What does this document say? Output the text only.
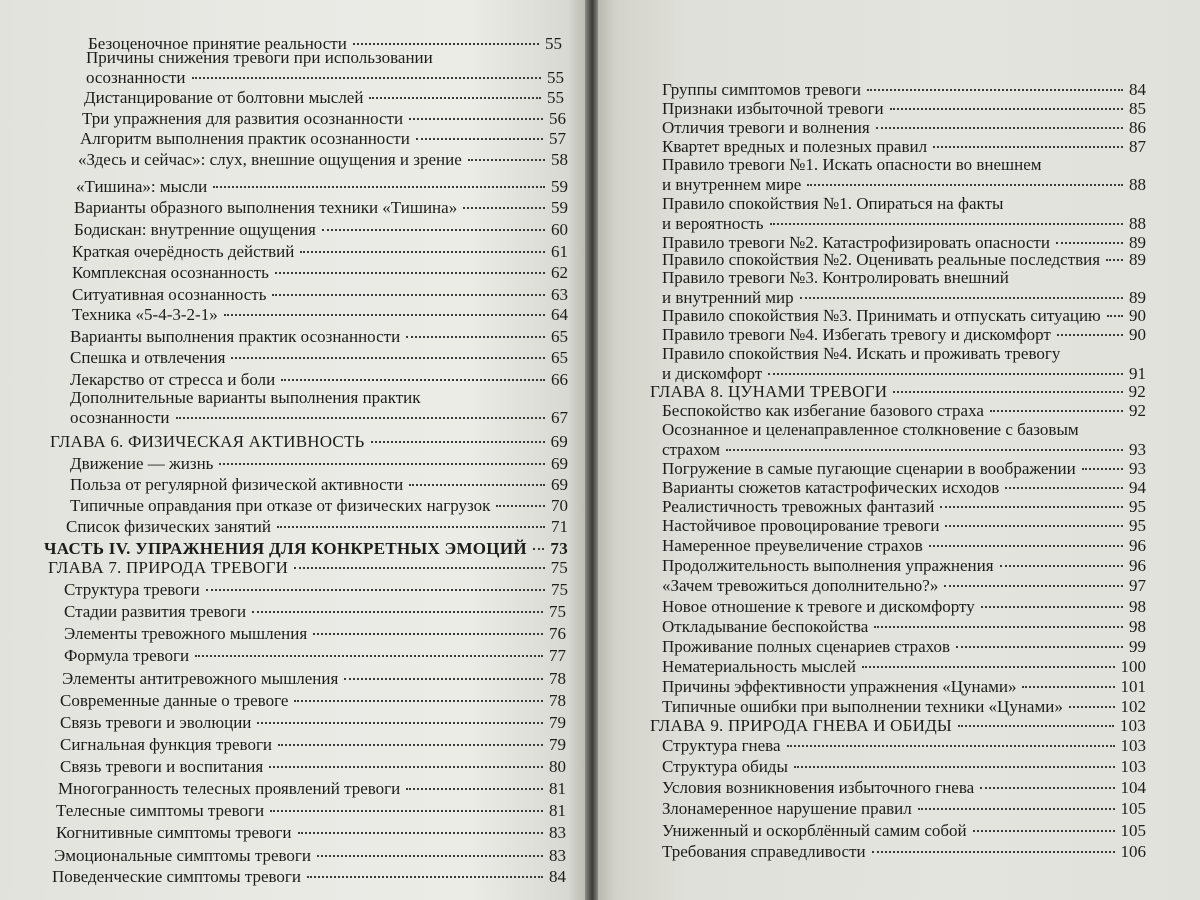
Безоценочное принятие реальности	55
Причины снижения тревоги при использовании
осознанности	55
Дистанцирование от болтовни мыслей	55
Три упражнения для развития осознанности	56
Алгоритм выполнения практик осознанности	57
«Здесь и сейчас»: слух, внешние ощущения и зрение	58
«Тишина»: мысли	59
Варианты образного выполнения техники «Тишина»	59
Бодискан: внутренние ощущения	60
Краткая очерёдность действий	61
Комплексная осознанность	62
Ситуативная осознанность	63
Техника «5-4-3-2-1»	64
Варианты выполнения практик осознанности	65
Спешка и отвлечения	65
Лекарство от стресса и боли	66
Дополнительные варианты выполнения практик
осознанности	67
ГЛАВА 6. ФИЗИЧЕСКАЯ АКТИВНОСТЬ	69
Движение — жизнь	69
Польза от регулярной физической активности	69
Типичные оправдания при отказе от физических нагрузок	70
Список физических занятий	71
ЧАСТЬ IV. УПРАЖНЕНИЯ ДЛЯ КОНКРЕТНЫХ ЭМОЦИЙ 73
ГЛАВА 7. ПРИРОДА ТРЕВОГИ	75
Структура тревоги	75
Стадии развития тревоги	75
Элементы тревожного мышления	76
Формула тревоги	77
Элементы антитревожного мышления	78
Современные данные о тревоге	78
Связь тревоги и эволюции	79
Сигнальная функция тревоги	79
Связь тревоги и воспитания	80
Многогранность телесных проявлений тревоги	81
Телесные симптомы тревоги	81
Когнитивные симптомы тревоги	83
Эмоциональные симптомы тревоги	83
Поведенческие симптомы тревоги	84
Группы симптомов тревоги	84
Признаки избыточной тревоги	85
Отличия тревоги и волнения	86
Квартет вредных и полезных правил	87
Правило тревоги №1. Искать опасности во внешнем
и внутреннем мире	88
Правило спокойствия №1. Опираться на факты
и вероятность	88
Правило тревоги №2. Катастрофизировать опасности	89
Правило спокойствия №2. Оценивать реальные последствия 89
Правило тревоги №3. Контролировать внешний
и внутренний мир	89
Правило спокойствия №3. Принимать и отпускать ситуацию 90
Правило тревоги №4. Избегать тревогу и дискомфорт	90
Правило спокойствия №4. Искать и проживать тревогу
и дискомфорт	91
ГЛАВА 8. ЦУНАМИ ТРЕВОГИ	92
Беспокойство как избегание базового страха	92
Осознанное и целенаправленное столкновение с базовым
страхом	93
Погружение в самые пугающие сценарии в воображении	93
Варианты сюжетов катастрофических исходов	94
Реалистичность тревожных фантазий	95
Настойчивое провоцирование тревоги	95
Намеренное преувеличение страхов	96
Продолжительность выполнения упражнения	96
«Зачем тревожиться дополнительно?»	97
Новое отношение к тревоге и дискомфорту	98
Откладывание беспокойства	98
Проживание полных сценариев страхов	99
Нематериальность мыслей	100
Причины эффективности упражнения «Цунами»	101
Типичные ошибки при выполнении техники «Цунами»	102
ГЛАВА 9. ПРИРОДА ГНЕВА И ОБИДЫ	103
Структура гнева	103
Структура обиды	103
Условия возникновения избыточного гнева	104
Злонамеренное нарушение правил	105
Униженный и оскорблённый самим собой	105
Требования справедливости	106
